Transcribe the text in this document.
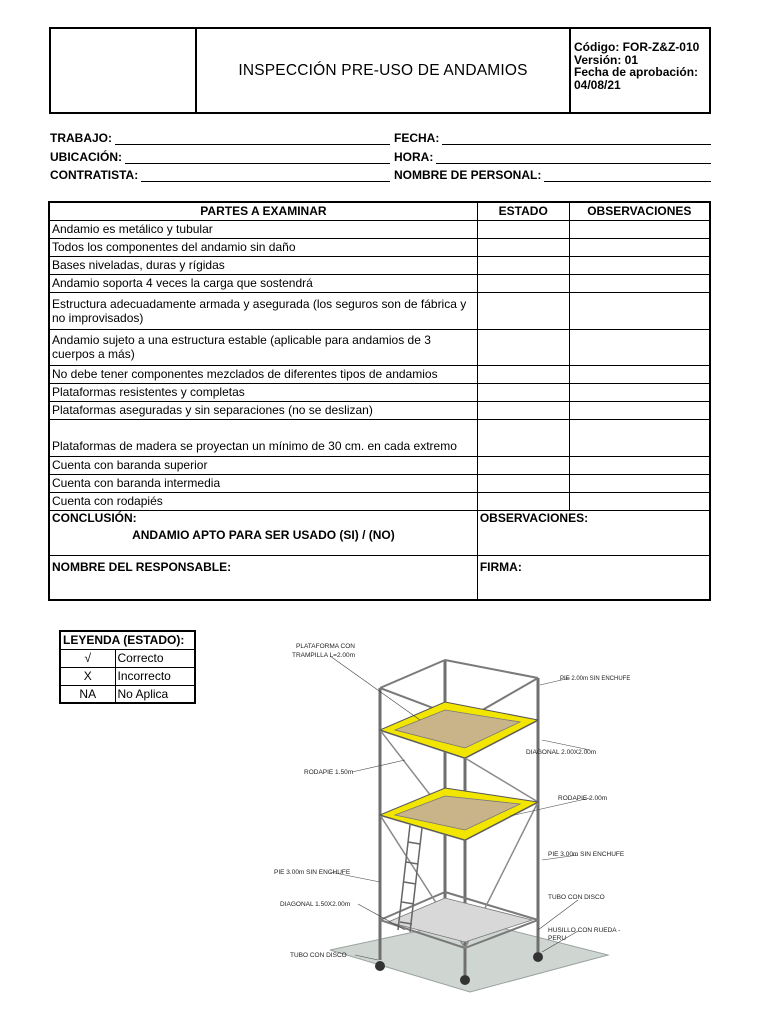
INSPECCIÓN PRE-USO DE ANDAMIOS
Código: FOR-Z&Z-010
Versión: 01
Fecha de aprobación:
04/08/21
TRABAJO:	FECHA:
UBICACIÓN:	HORA:
CONTRATISTA:	NOMBRE DE PERSONAL:
PARTES A EXAMINAR	ESTADO	OBSERVACIONES
Andamio es metálico y tubular		
Todos los componentes del andamio sin daño		
Bases niveladas, duras y rígidas		
Andamio soporta 4 veces la carga que sostendrá		
Estructura adecuadamente armada y asegurada (los seguros son de fábrica y no improvisados)		
Andamio sujeto a una estructura estable (aplicable para andamios de 3 cuerpos a más)		
No debe tener componentes mezclados de diferentes tipos de andamios		
Plataformas resistentes y completas		
Plataformas aseguradas y sin separaciones (no se deslizan)		
Plataformas de madera se proyectan un mínimo de 30 cm. en cada extremo		
Cuenta con baranda superior		
Cuenta con baranda intermedia		
Cuenta con rodapiés		

CONCLUSIÓN:
ANDAMIO APTO PARA SER USADO (SI) / (NO)	OBSERVACIONES:	

NOMBRE DEL RESPONSABLE:	FIRMA:	
LEYENDA (ESTADO):	
√	Correcto
X	Incorrecto
NA	No Aplica
PLATAFORMA CON
TRAMPILLA L=2.00m
PIE 2.00m SIN ENCHUFE
DIAGONAL 2.00X2.00m
RODAPIE 1.50m
RODAPIE 2.00m
PIE 3.00m SIN ENCHUFE
PIE 3.00m SIN ENCHUFE
DIAGONAL 1.50X2.00m
TUBO CON DISCO
HUSILLO CON RUEDA -
PERU
TUBO CON DISCO
